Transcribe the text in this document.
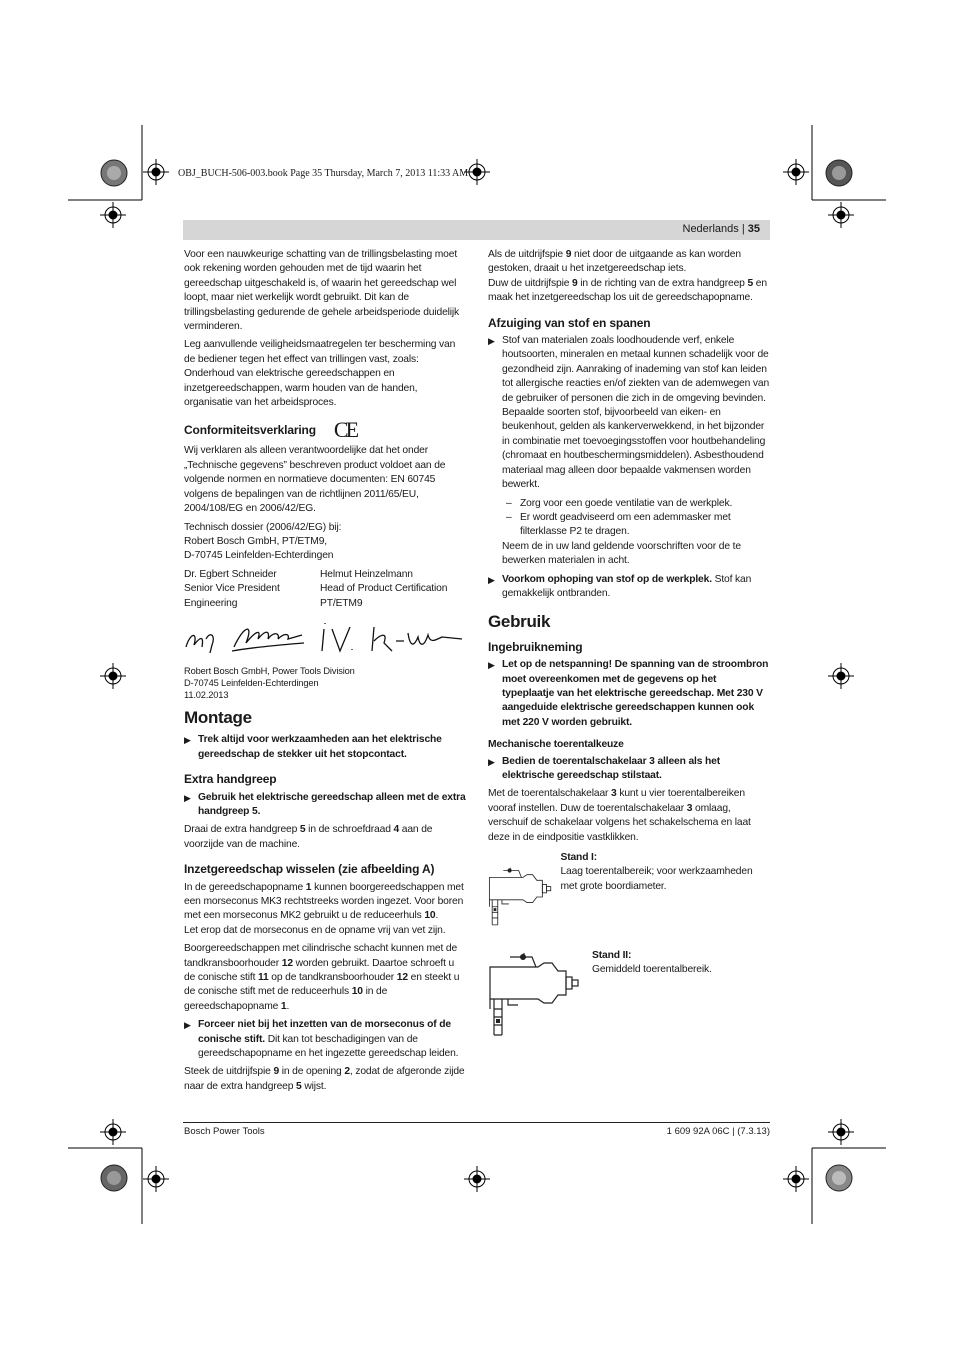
OBJ_BUCH-506-003.book Page 35 Thursday, March 7, 2013 11:33 AM
Nederlands | 35

Voor een nauwkeurige schatting van de trillingsbelasting moet ook rekening worden gehouden met de tijd waarin het gereedschap uitgeschakeld is, of waarin het gereedschap wel loopt, maar niet werkelijk wordt gebruikt. Dit kan de trillingsbelasting gedurende de gehele arbeidsperiode duidelijk verminderen.

Leg aanvullende veiligheidsmaatregelen ter bescherming van de bediener tegen het effect van trillingen vast, zoals: Onderhoud van elektrische gereedschappen en inzetgereedschappen, warm houden van de handen, organisatie van het arbeidsproces.

Conformiteitsverklaring CE

Wij verklaren als alleen verantwoordelijke dat het onder „Technische gegevens” beschreven product voldoet aan de volgende normen en normatieve documenten: EN 60745 volgens de bepalingen van de richtlijnen 2011/65/EU, 2004/108/EG en 2006/42/EG.

Technisch dossier (2006/42/EG) bij:

Robert Bosch GmbH, PT/ETM9,

D-70745 Leinfelden-Echterdingen

Dr. Egbert Schneider
Senior Vice President
Engineering
Helmut Heinzelmann
Head of Product Certification
PT/ETM9
Robert Bosch GmbH, Power Tools Division
D-70745 Leinfelden-Echterdingen
11.02.2013
Montage
▶ Trek altijd voor werkzaamheden aan het elektrische gereedschap de stekker uit het stopcontact.
Extra handgreep
▶ Gebruik het elektrische gereedschap alleen met de extra handgreep 5.

Draai de extra handgreep 5 in de schroefdraad 4 aan de voorzijde van de machine.

Inzetgereedschap wisselen (zie afbeelding A)

In de gereedschapopname 1 kunnen boorgereedschappen met een morseconus MK3 rechtstreeks worden ingezet. Voor boren met een morseconus MK2 gebruikt u de reduceerhuls 10.

Let erop dat de morseconus en de opname vrij van vet zijn.

Boorgereedschappen met cilindrische schacht kunnen met de tandkransboorhouder 12 worden gebruikt. Daartoe schroeft u de conische stift 11 op de tandkransboorhouder 12 en steekt u de conische stift met de reduceerhuls 10 in de gereedschapopname 1.

▶ Forceer niet bij het inzetten van de morseconus of de conische stift. Dit kan tot beschadigingen van de gereedschapopname en het ingezette gereedschap leiden.

Steek de uitdrijfspie 9 in de opening 2, zodat de afgeronde zijde naar de extra handgreep 5 wijst.

Als de uitdrijfspie 9 niet door de uitgaande as kan worden gestoken, draait u het inzetgereedschap iets.

Duw de uitdrijfspie 9 in de richting van de extra handgreep 5 en maak het inzetgereedschap los uit de gereedschapopname.

Afzuiging van stof en spanen
▶ Stof van materialen zoals loodhoudende verf, enkele houtsoorten, mineralen en metaal kunnen schadelijk voor de gezondheid zijn. Aanraking of inademing van stof kan leiden tot allergische reacties en/of ziekten van de ademwegen van de gebruiker of personen die zich in de omgeving bevinden.

Bepaalde soorten stof, bijvoorbeeld van eiken- en beukenhout, gelden als kankerverwekkend, in het bijzonder in combinatie met toevoegingsstoffen voor houtbehandeling (chromaat en houtbeschermingsmiddelen). Asbesthoudend materiaal mag alleen door bepaalde vakmensen worden bewerkt.

– Zorg voor een goede ventilatie van de werkplek.
– Er wordt geadviseerd om een ademmasker met filterklasse P2 te dragen.

Neem de in uw land geldende voorschriften voor de te bewerken materialen in acht.

▶ Voorkom ophoping van stof op de werkplek. Stof kan gemakkelijk ontbranden.
Gebruik
Ingebruikneming
▶ Let op de netspanning! De spanning van de stroombron moet overeenkomen met de gegevens op het typeplaatje van het elektrische gereedschap. Met 230 V aangeduide elektrische gereedschappen kunnen ook met 220 V worden gebruikt.
Mechanische toerentalkeuze
▶ Bedien de toerentalschakelaar 3 alleen als het elektrische gereedschap stilstaat.

Met de toerentalschakelaar 3 kunt u vier toerentalbereiken vooraf instellen. Duw de toerentalschakelaar 3 omlaag, verschuif de schakelaar volgens het schakelschema en laat deze in de eindpositie vastklikken.

Stand I:
Laag toerentalbereik; voor werkzaamheden met grote boordiameter.
Stand II:
Gemiddeld toerentalbereik.
Bosch Power Tools	1 609 92A 06C | (7.3.13)
